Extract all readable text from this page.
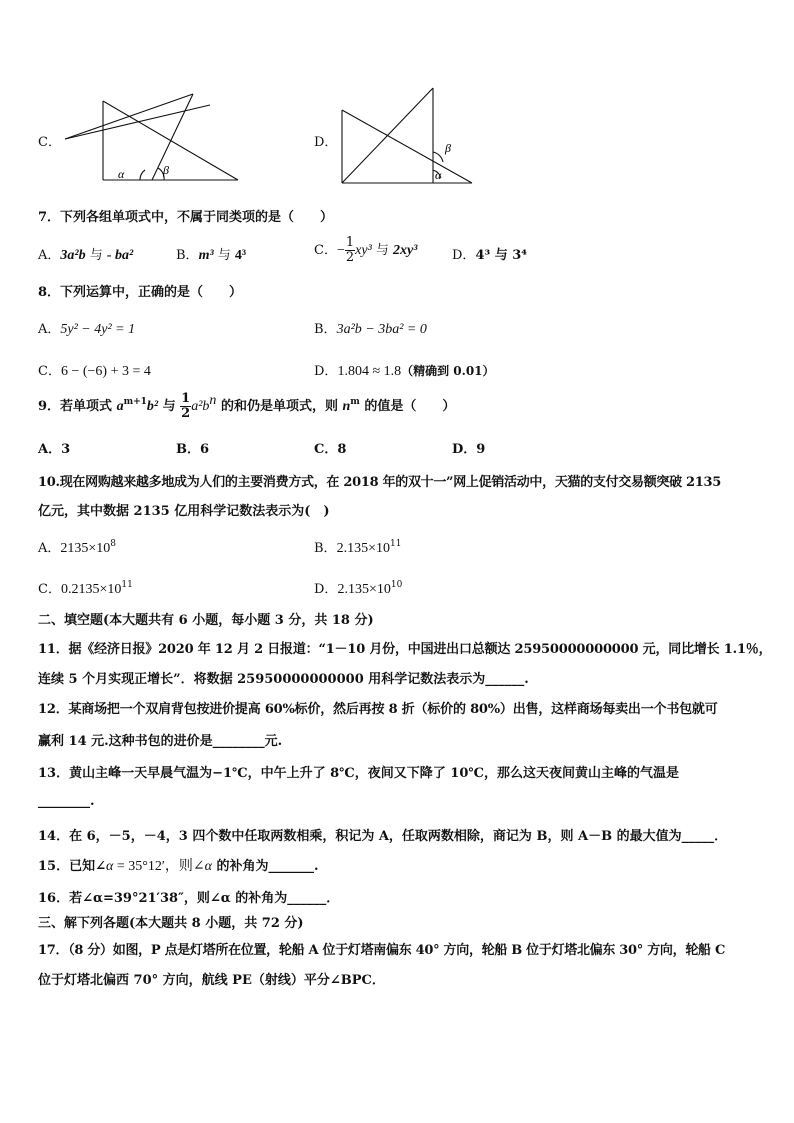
C．
α	β
D．	β
α
7．下列各组单项式中，不属于同类项的是（　　）
A．3a²b 与 - ba²	B．m³ 与 4³	C．− $\frac{1}{2} xy^3$ 与 2xy³	D．4³ 与 3⁴
8．下列运算中，正确的是（　　）
A．5y² − 4y² = 1	B．3a²b − 3ba² = 0
C．6 − (−6) + 3 = 4	D．1.804 ≈ 1.8（精确到 0.01）
9．若单项式 $a^{m+1}b^2$ 与 $\frac{1}{2} a^2b^n$ 的和仍是单项式，则 $n^m$ 的值是（　　）
A．3	B．6	C．8	D．9
10.现在网购越来越多地成为人们的主要消费方式，在 2018 年的双十一”网上促销活动中，天猫的支付交易额突破 2135
亿元，其中数据 2135 亿用科学记数法表示为(　)
A．$2135\times 10^8$	B．$2.135\times 10^{11}$
C．$0.2135\times 10^{11}$	D．$2.135\times 10^{10}$
二、填空题(本大题共有 6 小题，每小题 3 分，共 18 分)
11．据《经济日报》2020 年 12 月 2 日报道：“1－10 月份，中国进出口总额达 25950000000000 元，同比增长 1.1％，
连续 5 个月实现正增长”．将数据 25950000000000 用科学记数法表示为______.
12．某商场把一个双肩背包按进价提高 60%标价，然后再按 8 折（标价的 80%）出售，这样商场每卖出一个书包就可
赢利 14 元.这种书包的进价是________元.
13．黄山主峰一天早晨气温为−1℃，中午上升了 8℃，夜间又下降了 10℃，那么这天夜间黄山主峰的气温是
________.
14．在 6，－5，－4，3 四个数中任取两数相乘，积记为 A，任取两数相除，商记为 B，则 A－B 的最大值为_____．
15．已知∠α = 35°12′，则∠α 的补角为_______.
16．若∠α=39°21′38″，则∠α 的补角为______．
三、解下列各题(本大题共 8 小题，共 72 分)
17．（8 分）如图，P 点是灯塔所在位置，轮船 A 位于灯塔南偏东 40° 方向，轮船 B 位于灯塔北偏东 30° 方向，轮船 C
位于灯塔北偏西 70° 方向，航线 PE（射线）平分∠BPC．
